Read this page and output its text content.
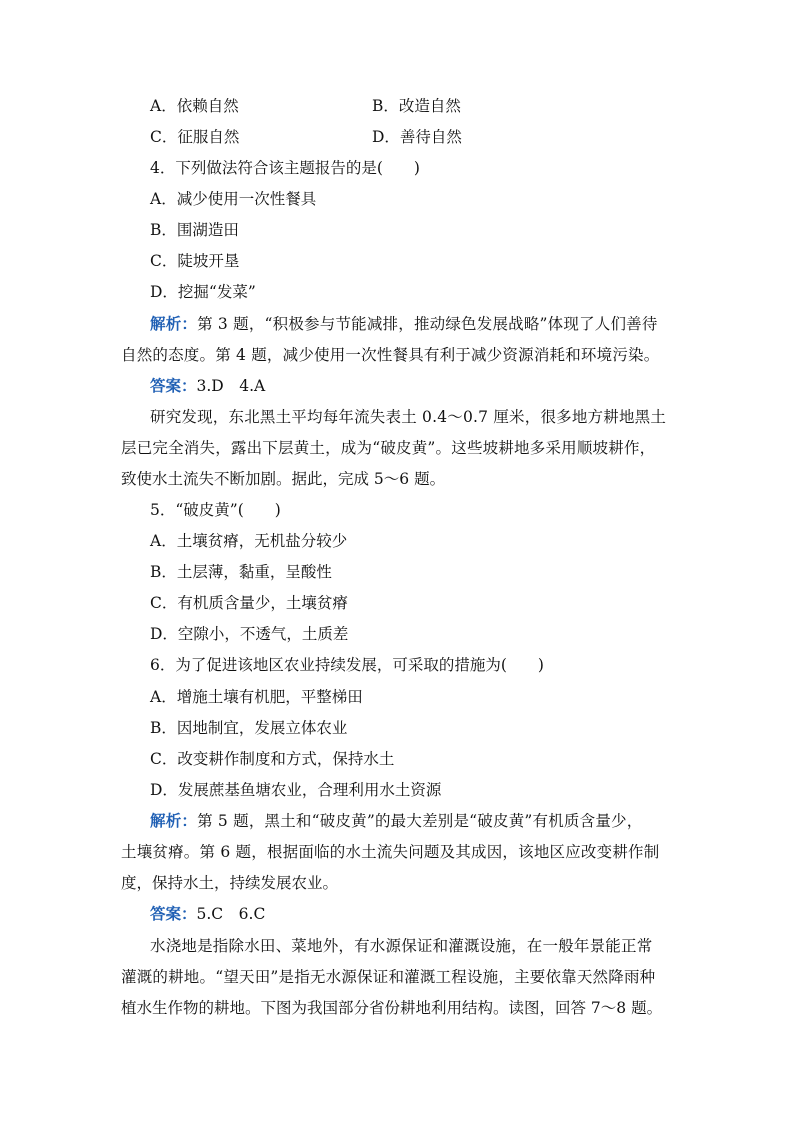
A．依赖自然	B．改造自然
C．征服自然	D．善待自然
4．下列做法符合该主题报告的是(　　)
A．减少使用一次性餐具
B．围湖造田
C．陡坡开垦
D．挖掘“发菜”
解析：第 3 题，“积极参与节能减排，推动绿色发展战略”体现了人们善待
自然的态度。第 4 题，减少使用一次性餐具有利于减少资源消耗和环境污染。
答案：3.D　4.A
研究发现，东北黑土平均每年流失表土 0.4～0.7 厘米，很多地方耕地黑土
层已完全消失，露出下层黄土，成为“破皮黄”。这些坡耕地多采用顺坡耕作，
致使水土流失不断加剧。据此，完成 5～6 题。
5．“破皮黄”(　　)
A．土壤贫瘠，无机盐分较少
B．土层薄，黏重，呈酸性
C．有机质含量少，土壤贫瘠
D．空隙小，不透气，土质差
6．为了促进该地区农业持续发展，可采取的措施为(　　)
A．增施土壤有机肥，平整梯田
B．因地制宜，发展立体农业
C．改变耕作制度和方式，保持水土
D．发展蔗基鱼塘农业，合理利用水土资源
解析：第 5 题，黑土和“破皮黄”的最大差别是“破皮黄”有机质含量少，
土壤贫瘠。第 6 题，根据面临的水土流失问题及其成因，该地区应改变耕作制
度，保持水土，持续发展农业。
答案：5.C　6.C
水浇地是指除水田、菜地外，有水源保证和灌溉设施，在一般年景能正常
灌溉的耕地。“望天田”是指无水源保证和灌溉工程设施，主要依靠天然降雨种
植水生作物的耕地。下图为我国部分省份耕地利用结构。读图，回答 7～8 题。
